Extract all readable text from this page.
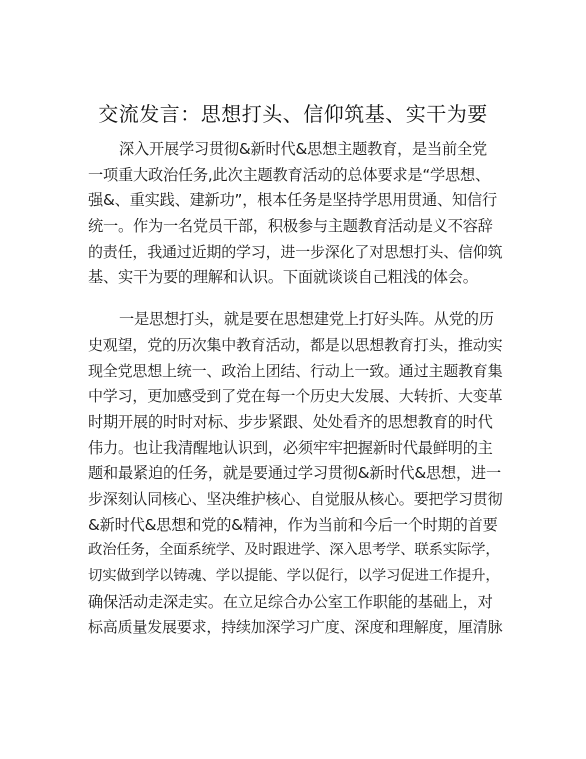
交流发言：思想打头、信仰筑基、实干为要
深入开展学习贯彻&新时代&思想主题教育，是当前全党
一项重大政治任务,此次主题教育活动的总体要求是“学思想、
强&、重实践、建新功”，根本任务是坚持学思用贯通、知信行
统一。作为一名党员干部，积极参与主题教育活动是义不容辞
的责任，我通过近期的学习，进一步深化了对思想打头、信仰筑
基、实干为要的理解和认识。下面就谈谈自己粗浅的体会。
一是思想打头，就是要在思想建党上打好头阵。从党的历
史观望，党的历次集中教育活动，都是以思想教育打头，推动实
现全党思想上统一、政治上团结、行动上一致。通过主题教育集
中学习，更加感受到了党在每一个历史大发展、大转折、大变革
时期开展的时时对标、步步紧跟、处处看齐的思想教育的时代
伟力。也让我清醒地认识到，必须牢牢把握新时代最鲜明的主
题和最紧迫的任务，就是要通过学习贯彻&新时代&思想，进一
步深刻认同核心、坚决维护核心、自觉服从核心。要把学习贯彻
&新时代&思想和党的&精神，作为当前和今后一个时期的首要
政治任务，全面系统学、及时跟进学、深入思考学、联系实际学，
切实做到学以铸魂、学以提能、学以促行，以学习促进工作提升，
确保活动走深走实。在立足综合办公室工作职能的基础上，对
标高质量发展要求，持续加深学习广度、深度和理解度，厘清脉
